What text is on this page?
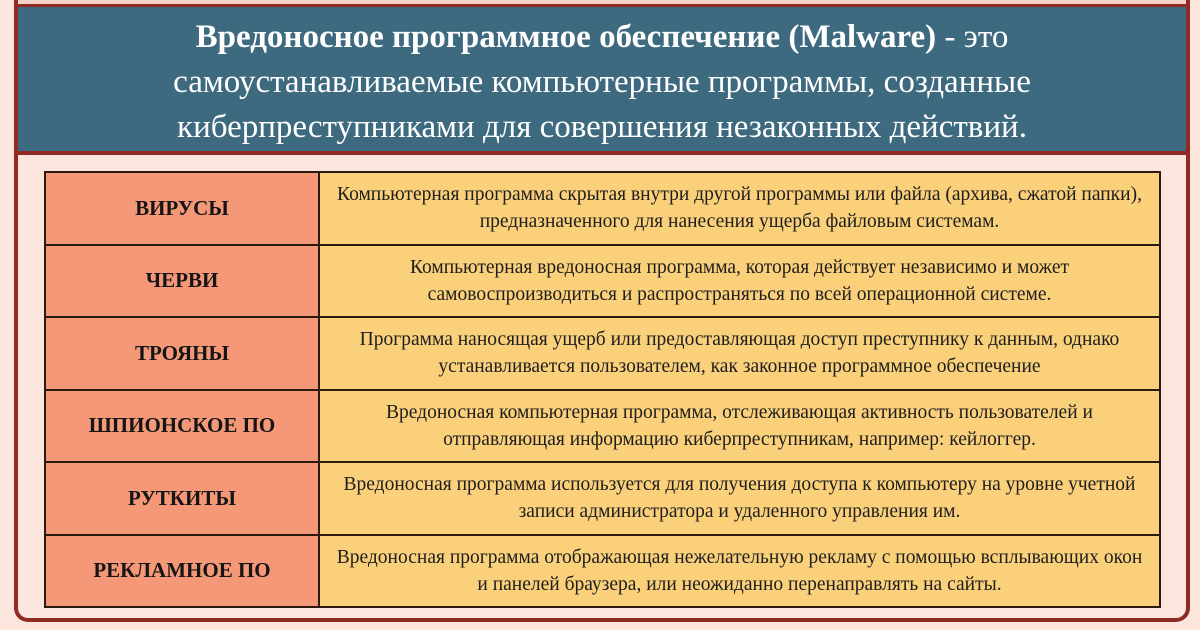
Вредоносное программное обеспечение (Malware) - это самоустанавливаемые компьютерные программы, созданные киберпреступниками для совершения незаконных действий.
ВИРУСЫ	Компьютерная программа скрытая внутри другой программы или файла (архива, сжатой папки), предназначенного для нанесения ущерба файловым системам.
ЧЕРВИ	Компьютерная вредоносная программа, которая действует независимо и может самовоспроизводиться и распространяться по всей операционной системе.
ТРОЯНЫ	Программа наносящая ущерб или предоставляющая доступ преступнику к данным, однако устанавливается пользователем, как законное программное обеспечение
ШПИОНСКОЕ ПО	Вредоносная компьютерная программа, отслеживающая активность пользователей и отправляющая информацию киберпреступникам, например: кейлоггер.
РУТКИТЫ	Вредоносная программа используется для получения доступа к компьютеру на уровне учетной записи администратора и удаленного управления им.
РЕКЛАМНОЕ ПО	Вредоносная программа отображающая нежелательную рекламу с помощью всплывающих окон и панелей браузера, или неожиданно перенаправлять на сайты.
